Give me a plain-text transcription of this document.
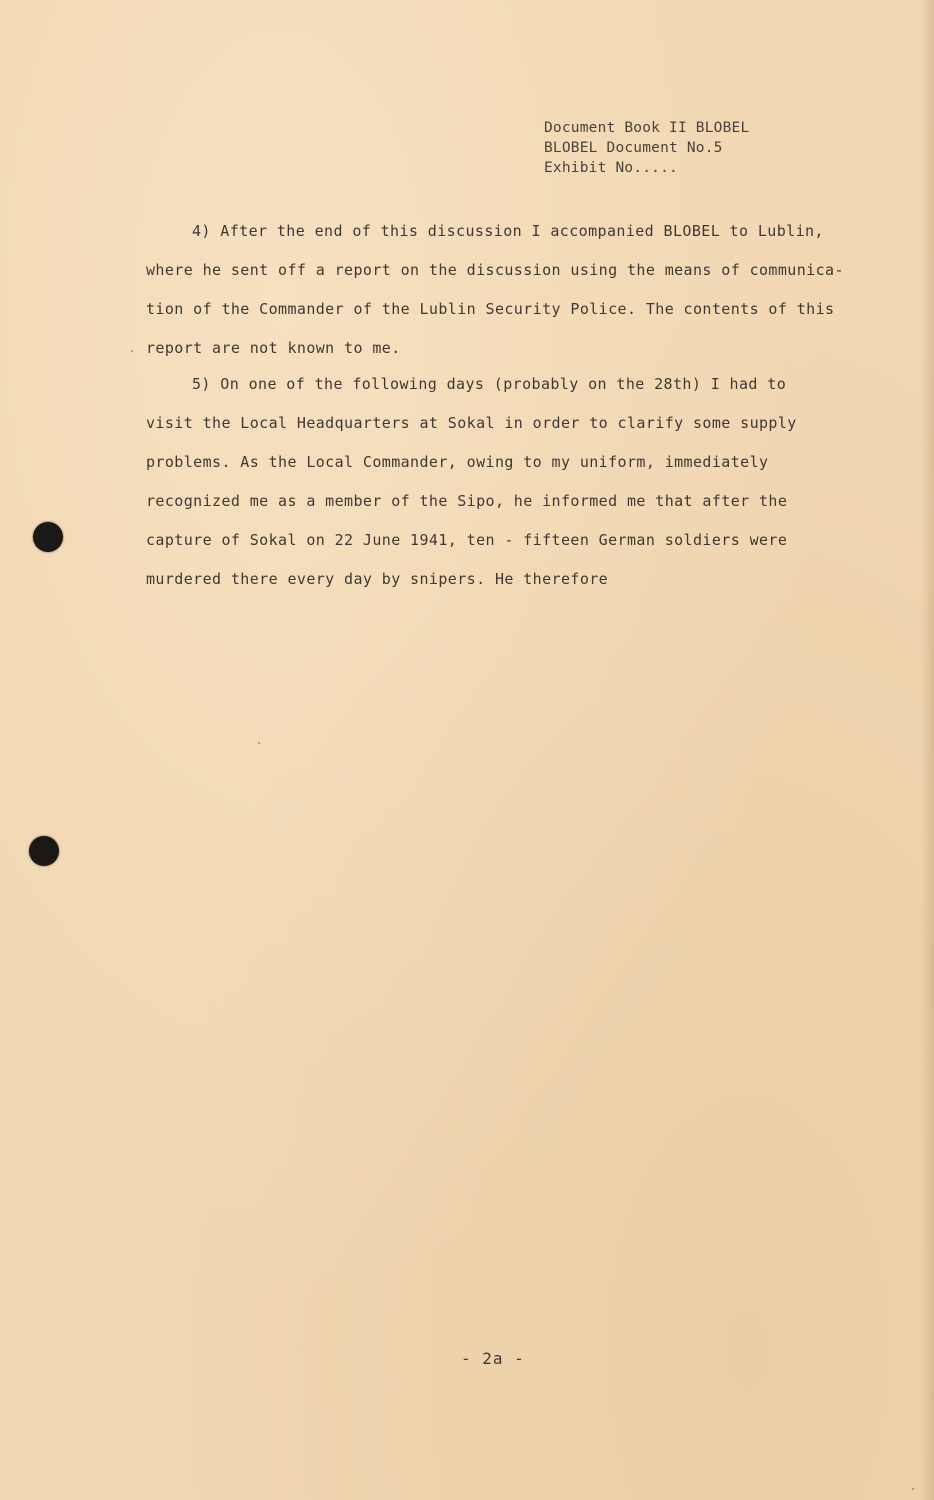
Document Book II BLOBEL
BLOBEL Document No.5
Exhibit No.....
4) After the end of this discussion I accompanied BLOBEL to Lublin,
where he sent off a report on the discussion using the means of communica-
tion of the Commander of the Lublin Security Police. The contents of this
report are not known to me.
5) On one of the following days (probably on the 28th) I had to
visit the Local Headquarters at Sokal in order to clarify some supply
problems. As the Local Commander, owing to my uniform, immediately
recognized me as a member of the Sipo, he informed me that after the
capture of Sokal on 22 June 1941, ten - fifteen German soldiers were
murdered there every day by snipers. He therefore
- 2a -
